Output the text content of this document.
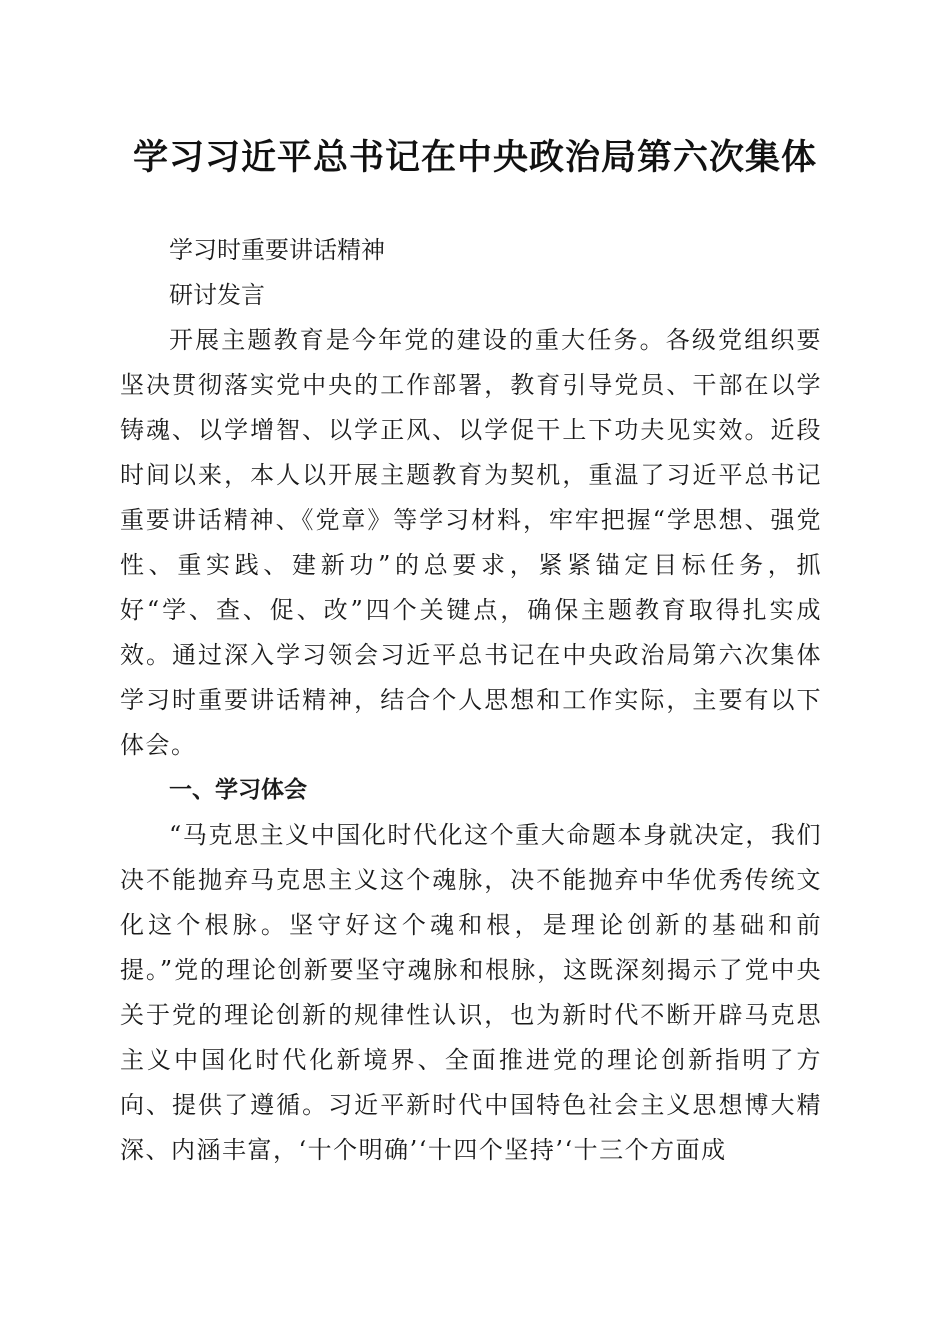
学习习近平总书记在中央政治局第六次集体

学习时重要讲话精神

研讨发言

开展主题教育是今年党的建设的重大任务。各级党组织要坚决贯彻落实党中央的工作部署，教育引导党员、干部在以学铸魂、以学增智、以学正风、以学促干上下功夫见实效。近段时间以来，本人以开展主题教育为契机，重温了习近平总书记重要讲话精神、《党章》等学习材料，牢牢把握“学思想、强党性、重实践、建新功”的总要求，紧紧锚定目标任务，抓好“学、查、促、改”四个关键点，确保主题教育取得扎实成效。通过深入学习领会习近平总书记在中央政治局第六次集体学习时重要讲话精神，结合个人思想和工作实际，主要有以下体会。

一、学习体会

“马克思主义中国化时代化这个重大命题本身就决定，我们决不能抛弃马克思主义这个魂脉，决不能抛弃中华优秀传统文化这个根脉。坚守好这个魂和根，是理论创新的基础和前提。”党的理论创新要坚守魂脉和根脉，这既深刻揭示了党中央关于党的理论创新的规律性认识，也为新时代不断开辟马克思主义中国化时代化新境界、全面推进党的理论创新指明了方向、提供了遵循。习近平新时代中国特色社会主义思想博大精深、内涵丰富，‘十个明确’‘十四个坚持’‘十三个方面成
